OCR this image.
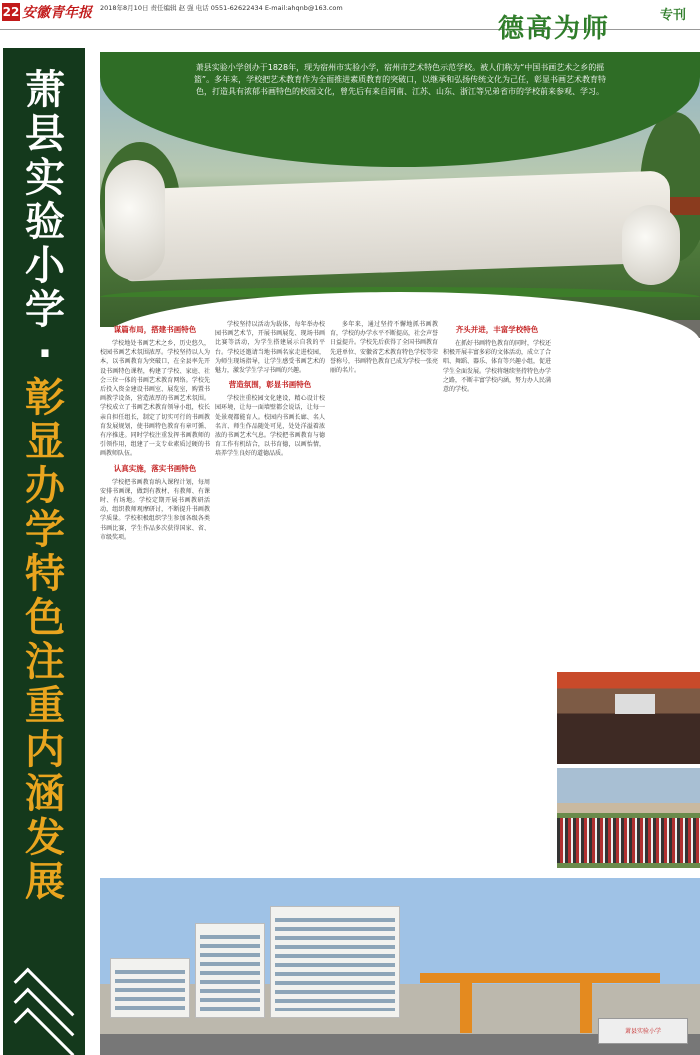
22 安徽青年报 2018年8月10日 责任编辑 赵 强 电话 0551-62622434 E-mail:ahqnb@163.com
德高为师	专刊
萧县实验小学
·
彰显办学特色
注重内涵发展

萧县实验小学创办于1828年，现为宿州市实验小学，宿州市艺术特色示范学校。被人们称为“中国书画艺术之乡的摇篮”。多年来，学校把艺术教育作为全面推进素质教育的突破口，以继承和弘扬传统文化为己任，彰显书画艺术教育特色，打造具有浓郁书画特色的校园文化，曾先后有来自河南、江苏、山东、浙江等兄弟省市的学校前来参观、学习。

谋篇布局，搭建书画特色

学校地处书画艺术之乡，历史悠久，校园书画艺术氛围浓厚。学校坚持以人为本，以书画教育为突破口，在全县率先开设书画特色课程，构建了学校、家庭、社会三位一体的书画艺术教育网络。学校先后投入资金建设书画室、展览室，购置书画教学设备，营造浓厚的书画艺术氛围。学校成立了书画艺术教育领导小组，校长亲自担任组长，制定了切实可行的书画教育发展规划，使书画特色教育有章可循、有序推进。同时学校注重发挥书画教师的引领作用，组建了一支专业素质过硬的书画教师队伍。

认真实施，落实书画特色

学校把书画教育纳入课程计划，每周安排书画课，做到有教材、有教师、有课时、有场地。学校定期开展书画教研活动，组织教师观摩研讨，不断提升书画教学质量。学校积极组织学生参加各级各类书画比赛，学生作品多次获得国家、省、市级奖项。

学校坚持以活动为载体，每年举办校园书画艺术节，开展书画展览、现场书画比赛等活动，为学生搭建展示自我的平台。学校还邀请当地书画名家走进校园，为师生现场指导，让学生感受书画艺术的魅力，激发学生学习书画的兴趣。

营造氛围，彰显书画特色

学校注重校园文化建设，精心设计校园环境，让每一面墙壁都会说话，让每一处景观都能育人。校园内书画长廊、名人名言、师生作品随处可见，处处洋溢着浓浓的书画艺术气息。学校把书画教育与德育工作有机结合，以书育德，以画怡情，培养学生良好的道德品质。

多年来，通过坚持不懈地抓书画教育，学校的办学水平不断提高，社会声誉日益提升。学校先后获得了全国书画教育先进单位、安徽省艺术教育特色学校等荣誉称号，书画特色教育已成为学校一张亮丽的名片。

齐头并进，丰富学校特色

在抓好书画特色教育的同时，学校还积极开展丰富多彩的文体活动，成立了合唱、舞蹈、器乐、体育等兴趣小组，促进学生全面发展。学校将继续坚持特色办学之路，不断丰富学校内涵，努力办人民满意的学校。

萧县实验小学
